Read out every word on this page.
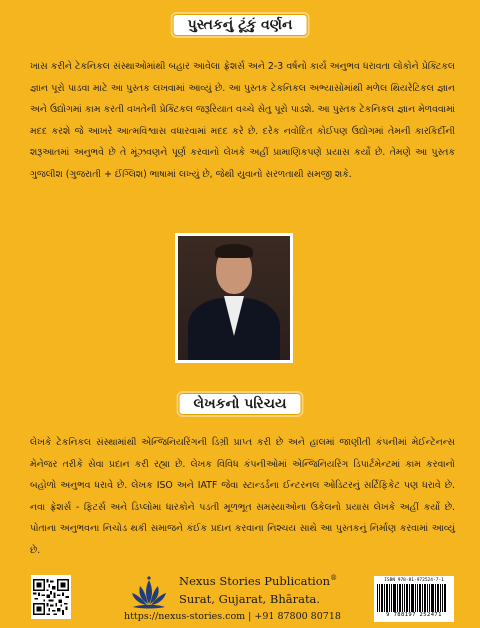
પુસ્તકનું ટૂંકું વર્ણન
ખાસ કરીને ટેકનિકલ સંસ્થાઓમાંથી બહાર આવેલા ફ્રેશર્સ અને 2-3 વર્ષનો કાર્ય અનુભવ ધરાવતા લોકોને પ્રેક્ટિકલ જ્ઞાન પૂરો પાડવા માટે આ પુસ્તક લખવામાં આવ્યું છે. આ પુસ્તક ટેકનિકલ અભ્યાસોમાંથી મળેલ થિયરેટિકલ જ્ઞાન અને ઉદ્યોગમાં કામ કરતી વખતેની પ્રેક્ટિકલ જરૂરિયાત વચ્ચે સેતુ પૂરો પાડશે. આ પુસ્તક ટેકનિકલ જ્ઞાન મેળવવામાં મદદ કરશે જે આખરે આત્મવિશ્વાસ વધારવામાં મદદ કરે છે. દરેક નવોદિત કોઈપણ ઉદ્યોગમાં તેમની કારકિર્દીની શરૂઆતમાં અનુભવે છે તે મૂંઝવણને પૂર્ણ કરવાનો લેખકે અહીં પ્રામાણિકપણે પ્રયાસ કર્યો છે. તેમણે આ પુસ્તક ગુજલીશ (ગુજરાતી + ઈંગ્લિશ) ભાષામાં લખ્યું છે, જેથી યુવાનો સરળતાથી સમજી શકે.
લેખકનો પરિચય
લેખકે ટેકનિકલ સંસ્થામાંથી એન્જિનિયરિંગની ડિગ્રી પ્રાપ્ત કરી છે અને હાલમાં જાણીતી કંપનીમાં મેઈન્ટેનન્સ મેનેજર તરીકે સેવા પ્રદાન કરી રહ્યા છે. લેખક વિવિધ કંપનીઓમાં એન્જિનિયરિંગ ડિપાર્ટમેન્ટમાં કામ કરવાનો બહોળો અનુભવ ધરાવે છે. લેખક ISO અને IATF જેવા સ્ટાન્ડર્ડના ઈન્ટરનલ ઓડિટરનું સર્ટિફિકેટ પણ ધરાવે છે. નવા ફ્રેશર્સ - ફિટર્સ અને ડિપ્લોમા ધારકોને પડતી મૂળભૂત સમસ્યાઓના ઉકેલનો પ્રયાસ લેખકે અહીં કર્યો છે. પોતાના અનુભવના નિચોડ થકી સમાજને કંઈક પ્રદાન કરવાના નિશ્ચય સાથે આ પુસ્તકનું નિર્માણ કરવામાં આવ્યું છે.
Nexus Stories Publication®
Surat, Gujarat, Bhārata.
https://nexus-stories.com | +91 87800 80718
ISBN 978-81-972524-7-1
9 788197 252471
